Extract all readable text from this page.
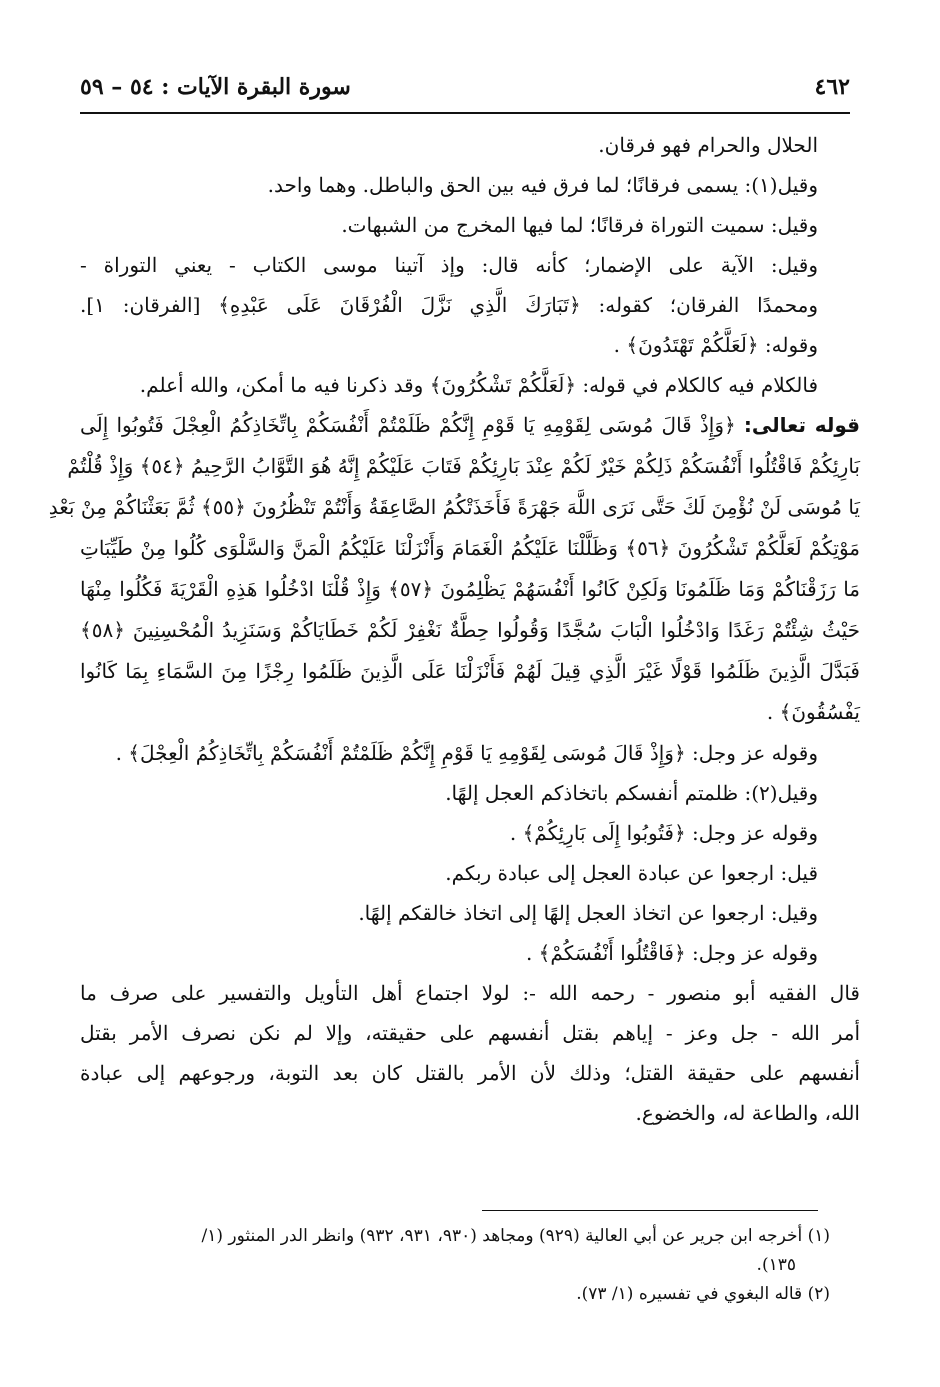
٤٦٢
سورة البقرة الآيات : ٥٤ – ٥٩
الحلال والحرام فهو فرقان.
وقيل(١): يسمى فرقانًا؛ لما فرق فيه بين الحق والباطل. وهما واحد.
وقيل: سميت التوراة فرقانًا؛ لما فيها المخرج من الشبهات.
وقيل: الآية على الإضمار؛ كأنه قال: وإذ آتينا موسى الكتاب - يعني التوراة -
ومحمدًا الفرقان؛ كقوله: ﴿تَبَارَكَ الَّذِي نَزَّلَ الْفُرْقَانَ عَلَى عَبْدِهِ﴾ [الفرقان: ١].
وقوله: ﴿لَعَلَّكُمْ تَهْتَدُونَ﴾ .
فالكلام فيه كالكلام في قوله: ﴿لَعَلَّكُمْ تَشْكُرُونَ﴾ وقد ذكرنا فيه ما أمكن، والله أعلم.
قوله تعالى: ﴿وَإِذْ قَالَ مُوسَى لِقَوْمِهِ يَا قَوْمِ إِنَّكُمْ ظَلَمْتُمْ أَنْفُسَكُمْ بِاتِّخَاذِكُمُ الْعِجْلَ فَتُوبُوا إِلَى
بَارِئِكُمْ فَاقْتُلُوا أَنْفُسَكُمْ ذَلِكُمْ خَيْرٌ لَكُمْ عِنْدَ بَارِئِكُمْ فَتَابَ عَلَيْكُمْ إِنَّهُ هُوَ التَّوَّابُ الرَّحِيمُ ﴿٥٤﴾ وَإِذْ قُلْتُمْ
يَا مُوسَى لَنْ نُؤْمِنَ لَكَ حَتَّى نَرَى اللَّهَ جَهْرَةً فَأَخَذَتْكُمُ الصَّاعِقَةُ وَأَنْتُمْ تَنْظُرُونَ ﴿٥٥﴾ ثُمَّ بَعَثْنَاكُمْ مِنْ بَعْدِ
مَوْتِكُمْ لَعَلَّكُمْ تَشْكُرُونَ ﴿٥٦﴾ وَظَلَّلْنَا عَلَيْكُمُ الْغَمَامَ وَأَنْزَلْنَا عَلَيْكُمُ الْمَنَّ وَالسَّلْوَى كُلُوا مِنْ طَيِّبَاتِ
مَا رَزَقْنَاكُمْ وَمَا ظَلَمُونَا وَلَكِنْ كَانُوا أَنْفُسَهُمْ يَظْلِمُونَ ﴿٥٧﴾ وَإِذْ قُلْنَا ادْخُلُوا هَذِهِ الْقَرْيَةَ فَكُلُوا مِنْهَا
حَيْثُ شِئْتُمْ رَغَدًا وَادْخُلُوا الْبَابَ سُجَّدًا وَقُولُوا حِطَّةٌ نَغْفِرْ لَكُمْ خَطَايَاكُمْ وَسَنَزِيدُ الْمُحْسِنِينَ ﴿٥٨﴾
فَبَدَّلَ الَّذِينَ ظَلَمُوا قَوْلًا غَيْرَ الَّذِي قِيلَ لَهُمْ فَأَنْزَلْنَا عَلَى الَّذِينَ ظَلَمُوا رِجْزًا مِنَ السَّمَاءِ بِمَا كَانُوا
يَفْسُقُونَ﴾ .
وقوله عز وجل: ﴿وَإِذْ قَالَ مُوسَى لِقَوْمِهِ يَا قَوْمِ إِنَّكُمْ ظَلَمْتُمْ أَنْفُسَكُمْ بِاتِّخَاذِكُمُ الْعِجْلَ﴾ .
وقيل(٢): ظلمتم أنفسكم باتخاذكم العجل إلهًا.
وقوله عز وجل: ﴿فَتُوبُوا إِلَى بَارِئِكُمْ﴾ .
قيل: ارجعوا عن عبادة العجل إلى عبادة ربكم.
وقيل: ارجعوا عن اتخاذ العجل إلهًا إلى اتخاذ خالقكم إلهًا.
وقوله عز وجل: ﴿فَاقْتُلُوا أَنْفُسَكُمْ﴾ .
قال الفقيه أبو منصور - رحمه الله -: لولا اجتماع أهل التأويل والتفسير على صرف ما
أمر الله - جل وعز - إياهم بقتل أنفسهم على حقيقته، وإلا لم نكن نصرف الأمر بقتل
أنفسهم على حقيقة القتل؛ وذلك لأن الأمر بالقتل كان بعد التوبة، ورجوعهم إلى عبادة
الله، والطاعة له، والخضوع.
(١) أخرجه ابن جرير عن أبي العالية (٩٢٩) ومجاهد (٩٣٠، ٩٣١، ٩٣٢) وانظر الدر المنثور (١/
١٣٥).
(٢) قاله البغوي في تفسيره (١/ ٧٣).
